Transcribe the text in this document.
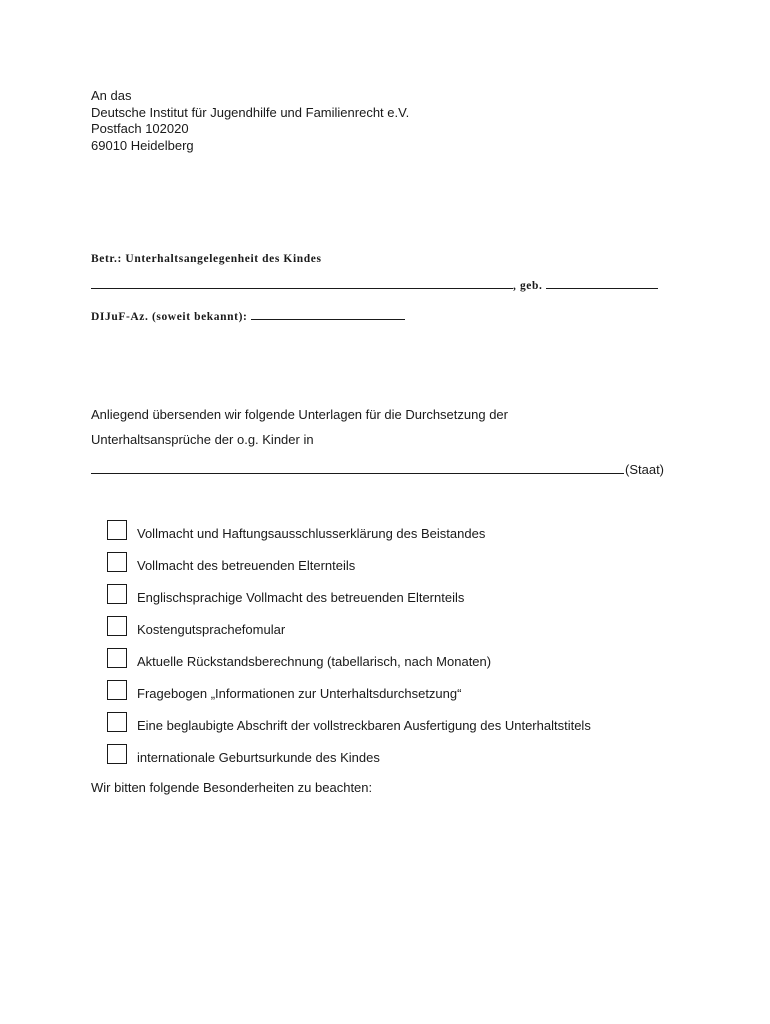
An das
Deutsche Institut für Jugendhilfe und Familienrecht e.V.
Postfach 102020
69010 Heidelberg
Betr.: Unterhaltsangelegenheit des Kindes
, geb.
DIJuF-Az. (soweit bekannt):
Anliegend übersenden wir folgende Unterlagen für die Durchsetzung der
Unterhaltsansprüche der o.g. Kinder in
(Staat)
Vollmacht und Haftungsausschlusserklärung des Beistandes
Vollmacht des betreuenden Elternteils
Englischsprachige Vollmacht des betreuenden Elternteils
Kostengutsprachefomular
Aktuelle Rückstandsberechnung (tabellarisch, nach Monaten)
Fragebogen „Informationen zur Unterhaltsdurchsetzung“
Eine beglaubigte Abschrift der vollstreckbaren Ausfertigung des Unterhaltstitels
internationale Geburtsurkunde des Kindes
Wir bitten folgende Besonderheiten zu beachten:
